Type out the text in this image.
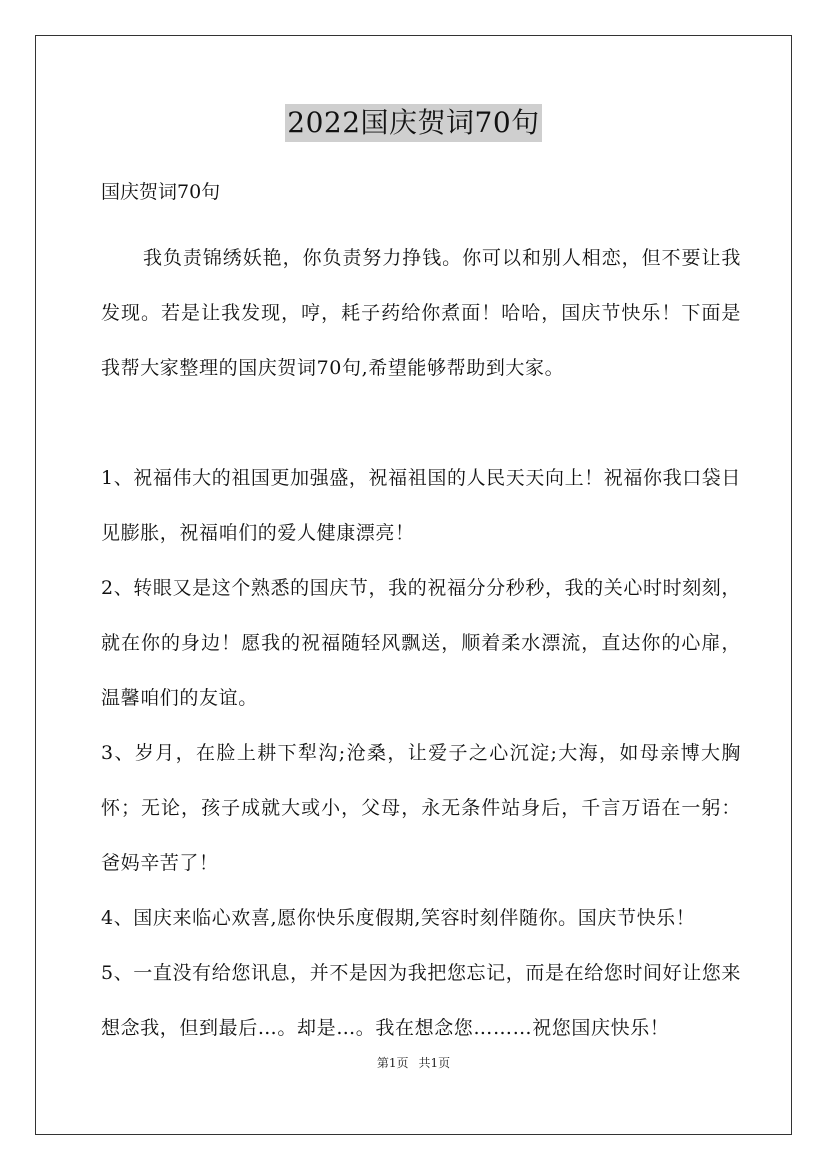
2022国庆贺词70句

国庆贺词70句

我负责锦绣妖艳，你负责努力挣钱。你可以和别人相恋，但不要让我发现。若是让我发现，哼，耗子药给你煮面！哈哈，国庆节快乐！下面是我帮大家整理的国庆贺词70句,希望能够帮助到大家。

1、祝福伟大的祖国更加强盛，祝福祖国的人民天天向上！祝福你我口袋日见膨胀，祝福咱们的爱人健康漂亮！

2、转眼又是这个熟悉的国庆节，我的祝福分分秒秒，我的关心时时刻刻，就在你的身边！愿我的祝福随轻风飘送，顺着柔水漂流，直达你的心扉，温馨咱们的友谊。

3、岁月，在脸上耕下犁沟;沧桑，让爱子之心沉淀;大海，如母亲博大胸怀；无论，孩子成就大或小，父母，永无条件站身后，千言万语在一躬：爸妈辛苦了！

4、国庆来临心欢喜,愿你快乐度假期,笑容时刻伴随你。国庆节快乐！

5、一直没有给您讯息，并不是因为我把您忘记，而是在给您时间好让您来想念我，但到最后…。却是…。我在想念您………祝您国庆快乐！

第1页 共1页
